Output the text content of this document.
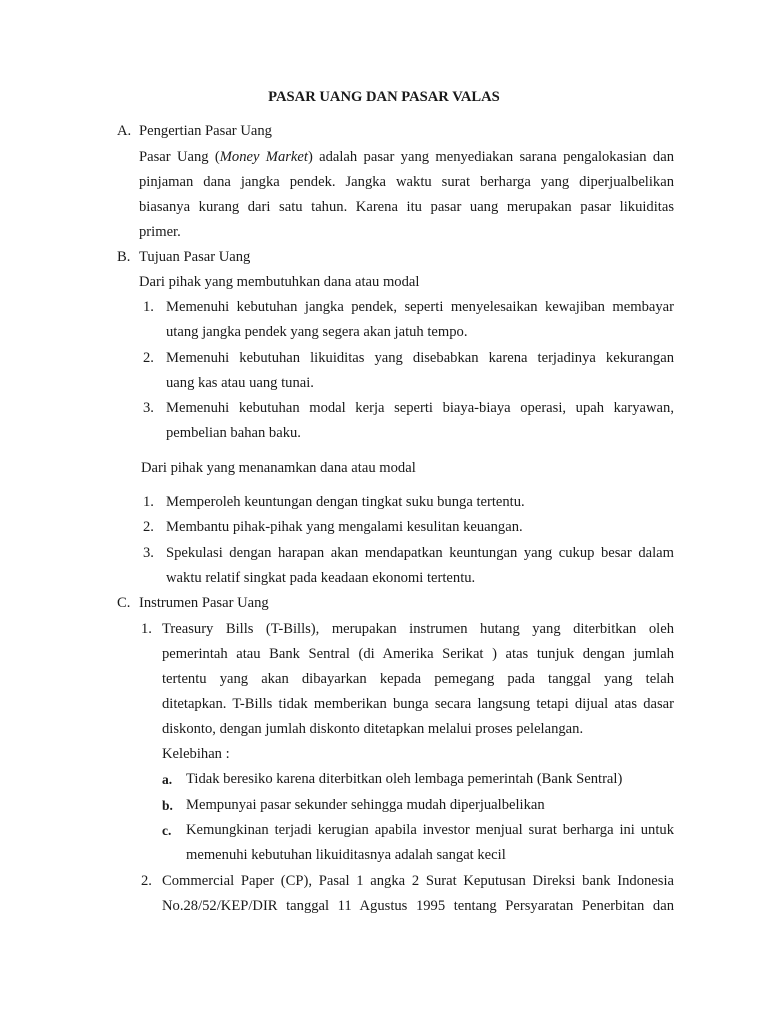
PASAR UANG DAN PASAR VALAS
A. Pengertian Pasar Uang
Pasar Uang (Money Market) adalah pasar yang menyediakan sarana pengalokasian dan
pinjaman dana jangka pendek. Jangka waktu surat berharga yang diperjualbelikan
biasanya kurang dari satu tahun. Karena itu pasar uang merupakan pasar likuiditas
primer.
B. Tujuan Pasar Uang
Dari pihak yang membutuhkan dana atau modal
1. Memenuhi kebutuhan jangka pendek, seperti menyelesaikan kewajiban membayar
utang jangka pendek yang segera akan jatuh tempo.
2. Memenuhi kebutuhan likuiditas yang disebabkan karena terjadinya kekurangan
uang kas atau uang tunai.
3. Memenuhi kebutuhan modal kerja seperti biaya-biaya operasi, upah karyawan,
pembelian bahan baku.
Dari pihak yang menanamkan dana atau modal
1. Memperoleh keuntungan dengan tingkat suku bunga tertentu.
2. Membantu pihak-pihak yang mengalami kesulitan keuangan.
3. Spekulasi dengan harapan akan mendapatkan keuntungan yang cukup besar dalam
waktu relatif singkat pada keadaan ekonomi tertentu.
C. Instrumen Pasar Uang
1. Treasury Bills (T-Bills), merupakan instrumen hutang yang diterbitkan oleh
pemerintah atau Bank Sentral (di Amerika Serikat ) atas tunjuk dengan jumlah
tertentu yang akan dibayarkan kepada pemegang pada tanggal yang telah
ditetapkan. T-Bills tidak memberikan bunga secara langsung tetapi dijual atas dasar
diskonto, dengan jumlah diskonto ditetapkan melalui proses pelelangan.
Kelebihan :
a. Tidak beresiko karena diterbitkan oleh lembaga pemerintah (Bank Sentral)
b. Mempunyai pasar sekunder sehingga mudah diperjualbelikan
c. Kemungkinan terjadi kerugian apabila investor menjual surat berharga ini untuk
memenuhi kebutuhan likuiditasnya adalah sangat kecil
2. Commercial Paper (CP), Pasal 1 angka 2 Surat Keputusan Direksi bank Indonesia
No.28/52/KEP/DIR tanggal 11 Agustus 1995 tentang Persyaratan Penerbitan dan
